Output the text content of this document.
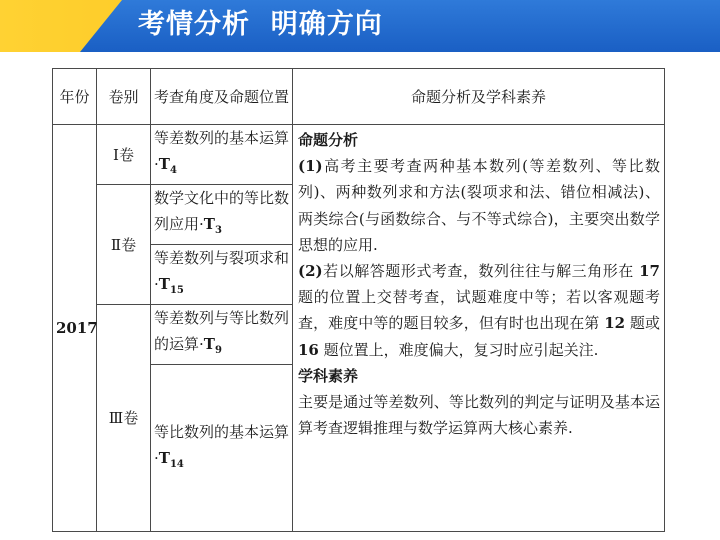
考情分析  明确方向
年份	卷别	考查角度及命题位置	命题分析及学科素养
2017	Ⅰ卷	等差数列的基本运算$\cdot T_4$	命题分析
(1)高考主要考查两种基本数列(等差数列、等比数列)、两种数列求和方法(裂项求和法、错位相减法)、两类综合(与函数综合、与不等式综合)，主要突出数学思想的应用.
(2)若以解答题形式考查，数列往往与解三角形在 17 题的位置上交替考查，试题难度中等；若以客观题考查，难度中等的题目较多，但有时也出现在第 12 题或 16 题位置上，难度偏大，复习时应引起关注.
学科素养
主要是通过等差数列、等比数列的判定与证明及基本运算考查逻辑推理与数学运算两大核心素养.

	Ⅱ卷	数学文化中的等比数列应用$\cdot T_3$
		等差数列与裂项求和$\cdot T_{15}$
	Ⅲ卷	等差数列与等比数列的运算$\cdot T_9$
		等比数列的基本运算$\cdot T_{14}$
